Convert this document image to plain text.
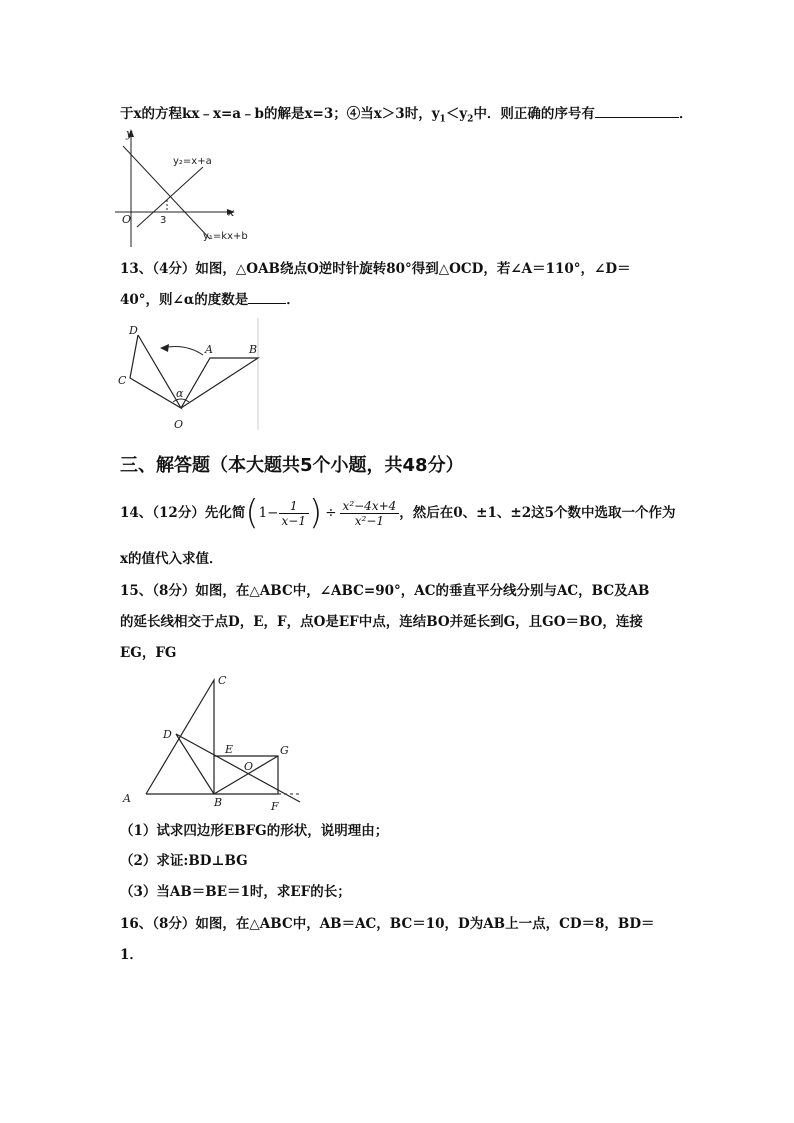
于x的方程kx﹣x=a﹣b的解是x=3；④当x＞3时，$y_1<y_2$中．则正确的序号有	．
y
x
O	3
y₂=x+a
y₁=kx+b
13、（4分）如图，△OAB绕点O逆时针旋转80°得到△OCD，若∠A＝110°，∠D＝
40°，则∠α的度数是	．
D
C
A	B
O
α
三、解答题（本大题共5个小题，共48分）
14、（12分）先化简 ( $1- \frac{1}{x-1}$ ) ÷ $\frac{\text{x²−4x+4}}{\text{x²−1}}$ ，然后在0、±1、±2这5个数中选取一个作为
x的值代入求值．
15、（8分）如图，在△ABC中，∠ABC=90°，AC的垂直平分线分别与AC，BC及AB
的延长线相交于点D，E，F，点O是EF中点，连结BO并延长到G，且GO＝BO，连接
EG，FG
C
D
E	G
O
A	B	F
（1）试求四边形EBFG的形状，说明理由；
（2）求证:BD⊥BG
（3）当AB＝BE＝1时，求EF的长；
16、（8分）如图，在△ABC中，AB＝AC，BC＝10，D为AB上一点，CD＝8，BD＝
1．
